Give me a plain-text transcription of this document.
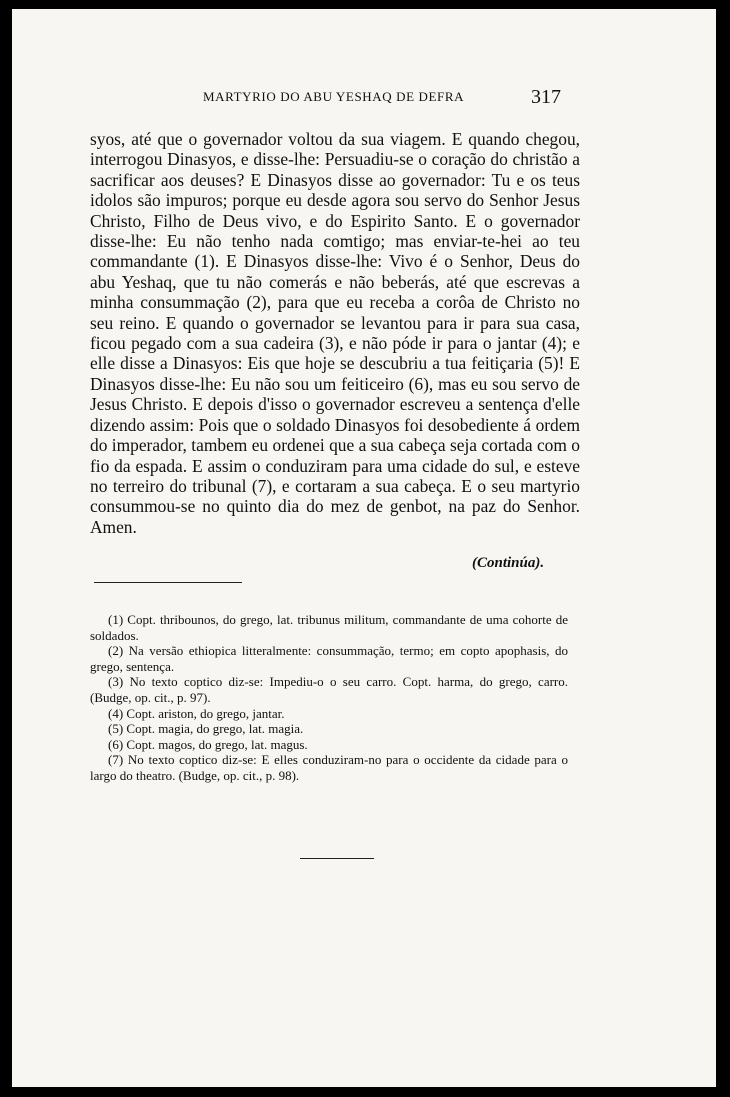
MARTYRIO DO ABU YESHAQ DE DEFRA	317

syos, até que o governador voltou da sua viagem. E quando chegou, interrogou Dinasyos, e disse-lhe: Persuadiu-se o coração do christão a sacrificar aos deuses? E Dinasyos disse ao governador: Tu e os teus idolos são impuros; porque eu desde agora sou servo do Senhor Jesus Christo, Filho de Deus vivo, e do Espirito Santo. E o governador disse-lhe: Eu não tenho nada comtigo; mas enviar-te-hei ao teu commandante (1). E Dinasyos disse-lhe: Vivo é o Senhor, Deus do abu Yeshaq, que tu não comerás e não beberás, até que escrevas a minha consummação (2), para que eu receba a corôa de Christo no seu reino. E quando o governador se levantou para ir para sua casa, ficou pegado com a sua cadeira (3), e não póde ir para o jantar (4); e elle disse a Dinasyos: Eis que hoje se descubriu a tua feitiçaria (5)! E Dinasyos disse-lhe: Eu não sou um feiticeiro (6), mas eu sou servo de Jesus Christo. E depois d'isso o governador escreveu a sentença d'elle dizendo assim: Pois que o soldado Dinasyos foi desobediente á ordem do imperador, tambem eu ordenei que a sua cabeça seja cortada com o fio da espada. E assim o conduziram para uma cidade do sul, e esteve no terreiro do tribunal (7), e cortaram a sua cabeça. E o seu martyrio consummou-se no quinto dia do mez de genbot, na paz do Senhor. Amen.

(Continúa).

(1) Copt. thribounos, do grego, lat. tribunus militum, commandante de uma cohorte de soldados.

(2) Na versão ethiopica litteralmente: consummação, termo; em copto apophasis, do grego, sentença.

(3) No texto coptico diz-se: Impediu-o o seu carro. Copt. harma, do grego, carro. (Budge, op. cit., p. 97).

(4) Copt. ariston, do grego, jantar.

(5) Copt. magia, do grego, lat. magia.

(6) Copt. magos, do grego, lat. magus.

(7) No texto coptico diz-se: E elles conduziram-no para o occidente da cidade para o largo do theatro. (Budge, op. cit., p. 98).
